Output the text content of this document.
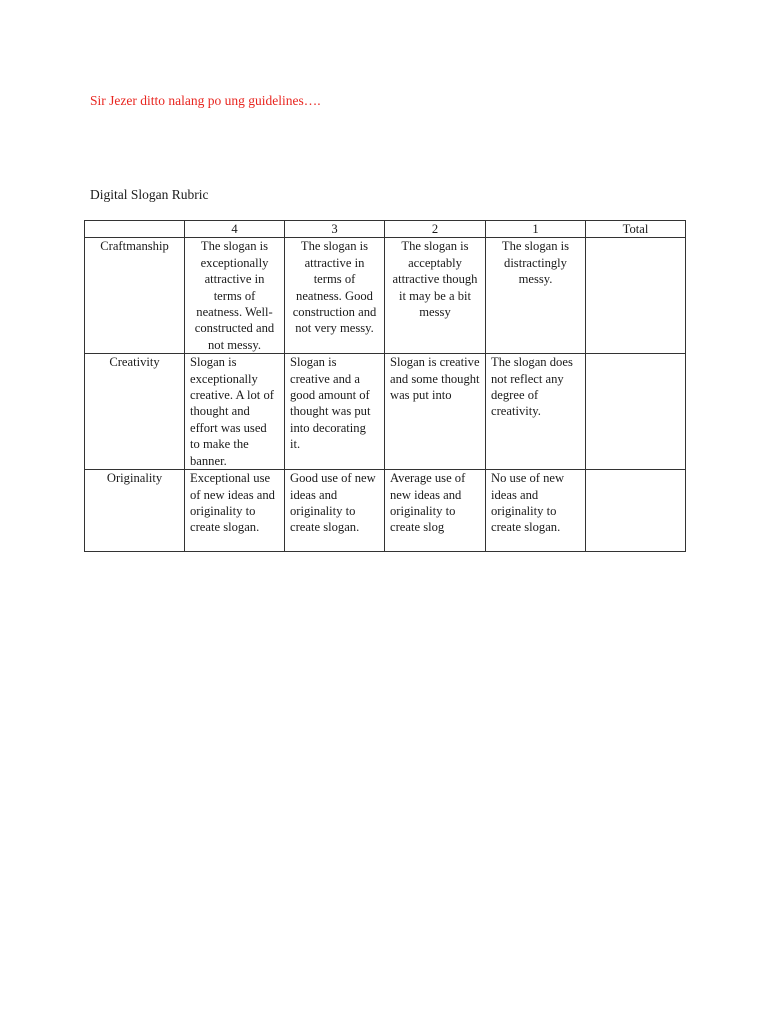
Sir Jezer ditto nalang po ung guidelines….
Digital Slogan Rubric
	4	3	2	1	Total
Craftmanship	The slogan is exceptionally attractive in terms of neatness. Well-constructed and not messy.	The slogan is attractive in terms of neatness. Good construction and not very messy.	The slogan is acceptably attractive though it may be a bit messy	The slogan is distractingly messy.	
Creativity	Slogan is exceptionally creative. A lot of thought and effort was used to make the banner.	Slogan is creative and a good amount of thought was put into decorating it.	Slogan is creative and some thought was put into	The slogan does not reflect any degree of creativity.	
Originality	Exceptional use of new ideas and originality to create slogan.	Good use of new ideas and originality to create slogan.	Average use of new ideas and originality to create slog	No use of new ideas and originality to create slogan.	
